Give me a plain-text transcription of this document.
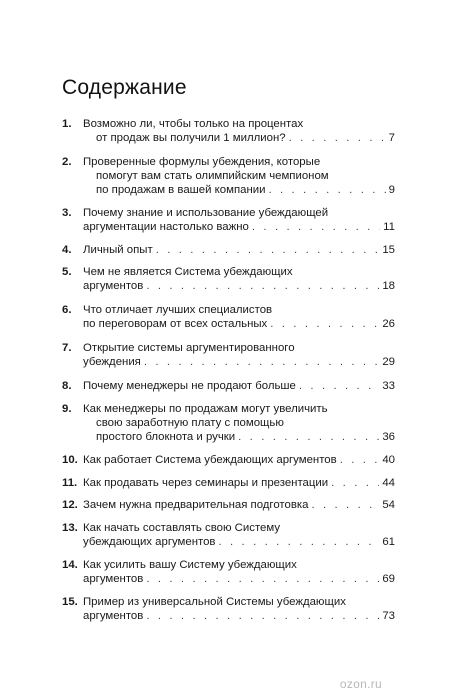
Содержание
1.	Возможно ли, чтобы только на процентах
от продаж вы получили 1 миллион? . . .	7
2.	Проверенные формулы убеждения, которые
помогут вам стать олимпийским чемпионом
по продажам в вашей компании . . .	9
3.	Почему знание и использование убеждающей
аргументации настолько важно . . .	11
4.	Личный опыт . . .	15
5.	Чем не является Система убеждающих
аргументов . . .	18
6.	Что отличает лучших специалистов
по переговорам от всех остальных . . .	26
7.	Открытие системы аргументированного
убеждения . . .	29
8.	Почему менеджеры не продают больше . . .	33
9.	Как менеджеры по продажам могут увеличить
свою заработную плату с помощью
простого блокнота и ручки . . .	36
10. Как работает Система убеждающих аргументов . . .	40
11. Как продавать через семинары и презентации . . .	44
12. Зачем нужна предварительная подготовка . . .	54
13. Как начать составлять свою Систему
убеждающих аргументов . . .	61
14. Как усилить вашу Систему убеждающих
аргументов . . .	69
15. Пример из универсальной Системы убеждающих
аргументов . . .	73
ozon.ru
